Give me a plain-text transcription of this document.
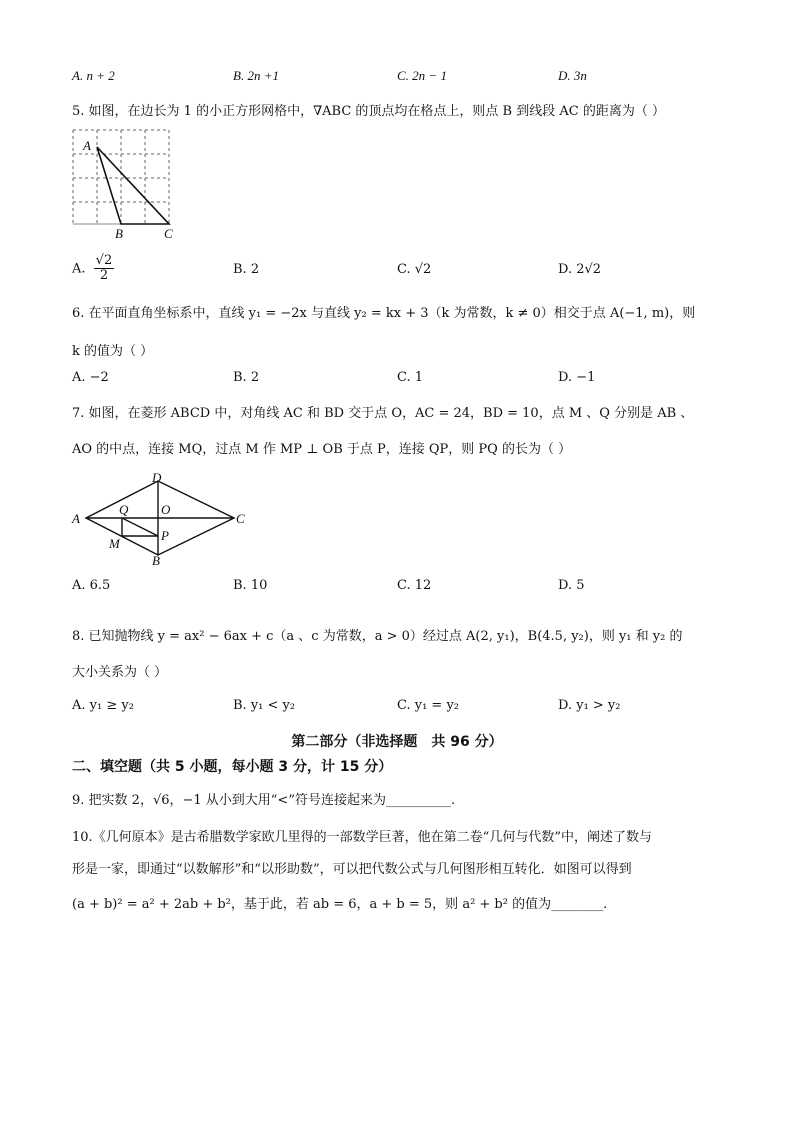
A. n + 2	B. 2n +1	C. 2n − 1	D. 3n
5. 如图，在边长为 1 的小正方形网格中，∇ABC 的顶点均在格点上，则点 B 到线段 AC 的距离为（ ）
A
B	C
A. $\frac{√2}{2}$	B. 2	C. √2	D. 2√2
6. 在平面直角坐标系中，直线 y₁ = −2x 与直线 y₂ = kx + 3（k 为常数，k ≠ 0）相交于点 A(−1, m)，则
k 的值为（ ）
A. −2	B. 2	C. 1	D. −1
7. 如图，在菱形 ABCD 中，对角线 AC 和 BD 交于点 O，AC = 24，BD = 10，点 M 、Q 分别是 AB 、
AO 的中点，连接 MQ，过点 M 作 MP ⊥ OB 于点 P，连接 QP，则 PQ 的长为（ ）
D
A
Q	O
C
M
P
B
A. 6.5	B. 10	C. 12	D. 5
8. 已知抛物线 y = ax² − 6ax + c（a 、c 为常数，a > 0）经过点 A(2, y₁)，B(4.5, y₂)，则 y₁ 和 y₂ 的
大小关系为（ ）
A. y₁ ≥ y₂	B. y₁ < y₂	C. y₁ = y₂	D. y₁ > y₂
第二部分（非选择题　共 96 分）
二、填空题（共 5 小题，每小题 3 分，计 15 分）
9. 把实数 2，√6，−1 从小到大用“<”符号连接起来为__________.
10.《几何原本》是古希腊数学家欧几里得的一部数学巨著，他在第二卷“几何与代数”中，阐述了数与
形是一家，即通过“以数解形”和“以形助数”，可以把代数公式与几何图形相互转化．如图可以得到
(a + b)² = a² + 2ab + b²，基于此，若 ab = 6，a + b = 5，则 a² + b² 的值为________.
